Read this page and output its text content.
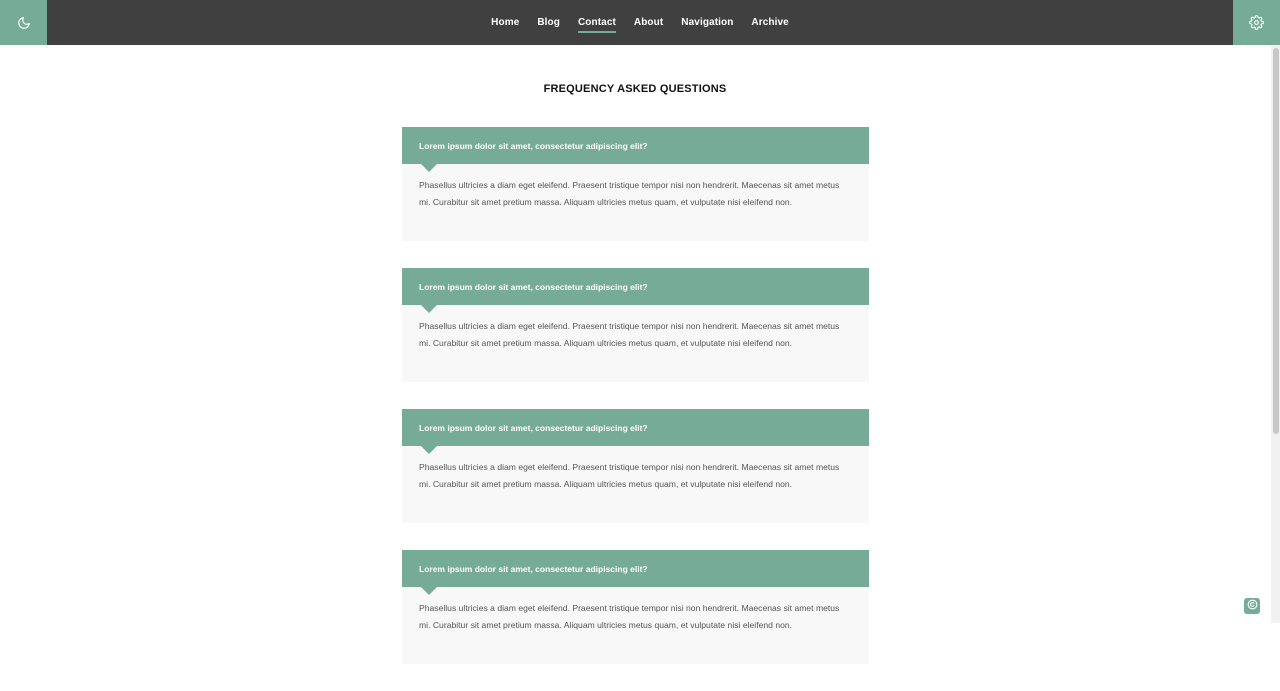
Home Blog Contact About Navigation Archive
FREQUENCY ASKED QUESTIONS
Lorem ipsum dolor sit amet, consectetur adipiscing elit?
Phasellus ultricies a diam eget eleifend. Praesent tristique tempor nisi non hendrerit. Maecenas sit amet metus mi. Curabitur sit amet pretium massa. Aliquam ultricies metus quam, et vulputate nisi eleifend non.
Lorem ipsum dolor sit amet, consectetur adipiscing elit?
Phasellus ultricies a diam eget eleifend. Praesent tristique tempor nisi non hendrerit. Maecenas sit amet metus mi. Curabitur sit amet pretium massa. Aliquam ultricies metus quam, et vulputate nisi eleifend non.
Lorem ipsum dolor sit amet, consectetur adipiscing elit?
Phasellus ultricies a diam eget eleifend. Praesent tristique tempor nisi non hendrerit. Maecenas sit amet metus mi. Curabitur sit amet pretium massa. Aliquam ultricies metus quam, et vulputate nisi eleifend non.
Lorem ipsum dolor sit amet, consectetur adipiscing elit?
Phasellus ultricies a diam eget eleifend. Praesent tristique tempor nisi non hendrerit. Maecenas sit amet metus mi. Curabitur sit amet pretium massa. Aliquam ultricies metus quam, et vulputate nisi eleifend non.
